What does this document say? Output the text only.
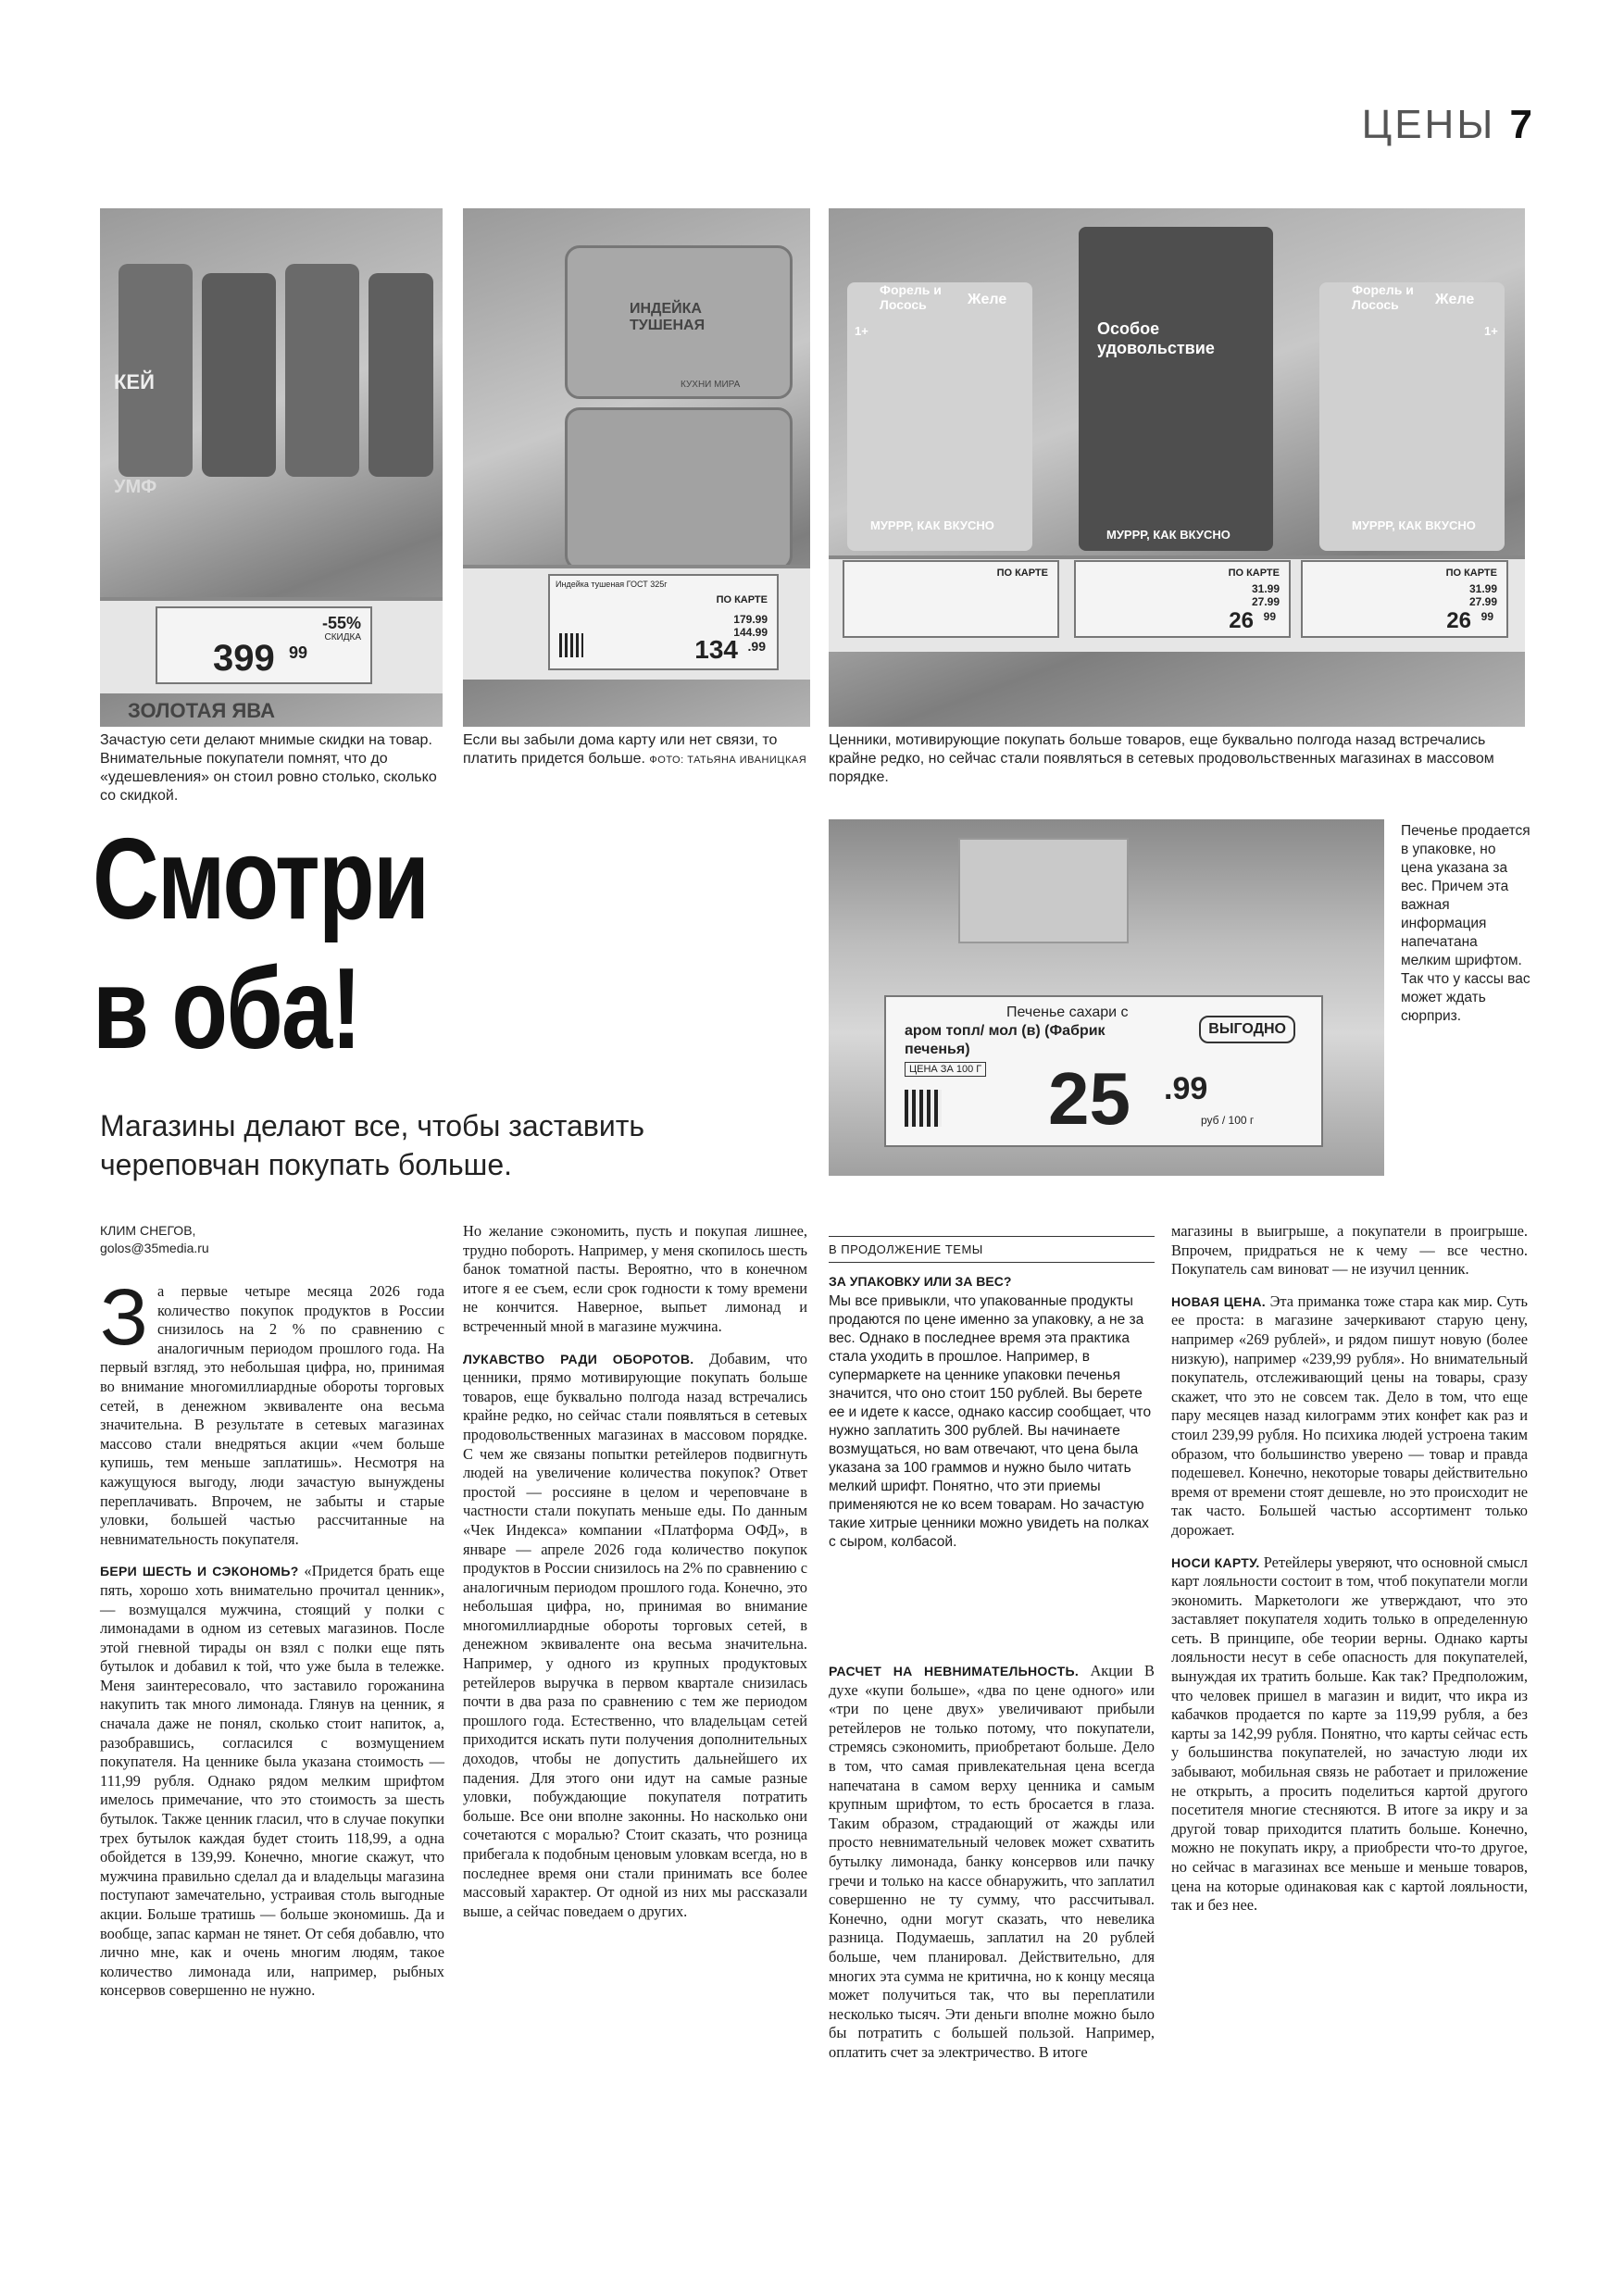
ЦЕНЫ 7
КЕЙ
УМФ
-55%
СКИДКА
399 99
ЗОЛОТАЯ ЯВА
Зачастую сети делают мнимые скидки на товар. Внимательные покупатели помнят, что до «удешевления» он стоил ровно столько, сколько со скидкой.
ИНДЕЙКА ТУШЕНАЯ
КУХНИ МИРА
Индейка тушеная ГОСТ 325г
ПО КАРТЕ
179.99
144.99
134 .99
Если вы забыли дома карту или нет связи, то платить придется больше. ФОТО: ТАТЬЯНА ИВАНИЦКАЯ
Форель и Лосось	Желе
1+
МУРРР, КАК ВКУСНО
Особое удовольствие
МУРРР, КАК ВКУСНО
Форель и Лосось	Желе
1+
МУРРР, КАК ВКУСНО
ПО КАРТЕ
31.99
27.99
26 99
ПО КАРТЕ
31.99
27.99
26 99
ПО КАРТЕ
Ценники, мотивирующие покупать больше товаров, еще буквально полгода назад встречались крайне редко, но сейчас стали появляться в сетевых продовольственных магазинах в массовом порядке.
Смотри
в оба!
Магазины делают все, чтобы заставить
череповчан покупать больше.
Печенье сахари с
аром топл/ мол (в) (Фабрик
печенья)
ЦЕНА ЗА 100 Г
ВЫГОДНО
25 .99
руб / 100 г
Печенье продается в упаковке, но цена указана за вес. Причем эта важная информация напечатана мелким шрифтом. Так что у кассы вас может ждать сюрприз.
КЛИМ СНЕГОВ,
golos@35media.ru

За первые четыре месяца 2026 года количество покупок продуктов в России снизилось на 2 % по сравнению с аналогичным периодом прошлого года. На первый взгляд, это небольшая цифра, но, принимая во внимание многомиллиардные обороты торговых сетей, в денежном эквиваленте она весьма значительна. В результате в сетевых магазинах массово стали внедряться акции «чем больше купишь, тем меньше заплатишь». Несмотря на кажущуюся выгоду, люди зачастую вынуждены переплачивать. Впрочем, не забыты и старые уловки, большей частью рассчитанные на невнимательность покупателя.

БЕРИ ШЕСТЬ И СЭКОНОМЬ? «Придется брать еще пять, хорошо хоть внимательно прочитал ценник», — возмущался мужчина, стоящий у полки с лимонадами в одном из сетевых магазинов. После этой гневной тирады он взял с полки еще пять бутылок и добавил к той, что уже была в тележке. Меня заинтересовало, что заставило горожанина накупить так много лимонада. Глянув на ценник, я сначала даже не понял, сколько стоит напиток, а, разобравшись, согласился с возмущением покупателя. На ценнике была указана стоимость — 111,99 рубля. Однако рядом мелким шрифтом имелось примечание, что это стоимость за шесть бутылок. Также ценник гласил, что в случае покупки трех бутылок каждая будет стоить 118,99, а одна обойдется в 139,99. Конечно, многие скажут, что мужчина правильно сделал да и владельцы магазина поступают замечательно, устраивая столь выгодные акции. Больше тратишь — больше экономишь. Да и вообще, запас карман не тянет. От себя добавлю, что лично мне, как и очень многим людям, такое количество лимонада или, например, рыбных консервов совершенно не нужно.

Но желание сэкономить, пусть и покупая лишнее, трудно побороть. Например, у меня скопилось шесть банок томатной пасты. Вероятно, что в конечном итоге я ее съем, если срок годности к тому времени не кончится. Наверное, выпьет лимонад и встреченный мной в магазине мужчина.

ЛУКАВСТВО РАДИ ОБОРОТОВ. Добавим, что ценники, прямо мотивирующие покупать больше товаров, еще буквально полгода назад встречались крайне редко, но сейчас стали появляться в сетевых продовольственных магазинах в массовом порядке. С чем же связаны попытки ретейлеров подвигнуть людей на увеличение количества покупок? Ответ простой — россияне в целом и череповчане в частности стали покупать меньше еды. По данным «Чек Индекса» компании «Платформа ОФД», в январе — апреле 2026 года количество покупок продуктов в России снизилось на 2% по сравнению с аналогичным периодом прошлого года. Конечно, это небольшая цифра, но, принимая во внимание многомиллиардные обороты торговых сетей, в денежном эквиваленте она весьма значительна. Например, у одного из крупных продуктовых ретейлеров выручка в первом квартале снизилась почти в два раза по сравнению с тем же периодом прошлого года. Естественно, что владельцам сетей приходится искать пути получения дополнительных доходов, чтобы не допустить дальнейшего их падения. Для этого они идут на самые разные уловки, побуждающие покупателя потратить больше. Все они вполне законны. Но насколько они сочетаются с моралью? Стоит сказать, что розница прибегала к подобным ценовым уловкам всегда, но в последнее время они стали принимать все более массовый характер. От одной из них мы рассказали выше, а сейчас поведаем о других.

В ПРОДОЛЖЕНИЕ ТЕМЫ
ЗА УПАКОВКУ ИЛИ ЗА ВЕС?
Мы все привыкли, что упакованные продукты продаются по цене именно за упаковку, а не за вес. Однако в последнее время эта практика стала уходить в прошлое. Например, в супермаркете на ценнике упаковки печенья значится, что оно стоит 150 рублей. Вы берете ее и идете к кассе, однако кассир сообщает, что нужно заплатить 300 рублей. Вы начинаете возмущаться, но вам отвечают, что цена была указана за 100 граммов и нужно было читать мелкий шрифт. Понятно, что эти приемы применяются не ко всем товарам. Но зачастую такие хитрые ценники можно увидеть на полках с сыром, колбасой.

РАСЧЕТ НА НЕВНИМАТЕЛЬНОСТЬ. Акции В духе «купи больше», «два по цене одного» или «три по цене двух» увеличивают прибыли ретейлеров не только потому, что покупатели, стремясь сэкономить, приобретают больше. Дело в том, что самая привлекательная цена всегда напечатана в самом верху ценника и самым крупным шрифтом, то есть бросается в глаза. Таким образом, страдающий от жажды или просто невнимательный человек может схватить бутылку лимонада, банку консервов или пачку гречи и только на кассе обнаружить, что заплатил совершенно не ту сумму, что рассчитывал. Конечно, одни могут сказать, что невелика разница. Подумаешь, заплатил на 20 рублей больше, чем планировал. Действительно, для многих эта сумма не критична, но к концу месяца может получиться так, что вы переплатили несколько тысяч. Эти деньги вполне можно было бы потратить с большей пользой. Например, оплатить счет за электричество. В итоге

магазины в выигрыше, а покупатели в проигрыше. Впрочем, придраться не к чему — все честно. Покупатель сам виноват — не изучил ценник.

НОВАЯ ЦЕНА. Эта приманка тоже стара как мир. Суть ее проста: в магазине зачеркивают старую цену, например «269 рублей», и рядом пишут новую (более низкую), например «239,99 рубля». Но внимательный покупатель, отслеживающий цены на товары, сразу скажет, что это не совсем так. Дело в том, что еще пару месяцев назад килограмм этих конфет как раз и стоил 239,99 рубля. Но психика людей устроена таким образом, что большинство уверено — товар и правда подешевел. Конечно, некоторые товары действительно время от времени стоят дешевле, но это происходит не так часто. Большей частью ассортимент только дорожает.

НОСИ КАРТУ. Ретейлеры уверяют, что основной смысл карт лояльности состоит в том, чтоб покупатели могли экономить. Маркетологи же утверждают, что это заставляет покупателя ходить только в определенную сеть. В принципе, обе теории верны. Однако карты лояльности несут в себе опасность для покупателей, вынуждая их тратить больше. Как так? Предположим, что человек пришел в магазин и видит, что икра из кабачков продается по карте за 119,99 рубля, а без карты за 142,99 рубля. Понятно, что карты сейчас есть у большинства покупателей, но зачастую люди их забывают, мобильная связь не работает и приложение не открыть, а просить поделиться картой другого посетителя многие стесняются. В итоге за икру и за другой товар приходится платить больше. Конечно, можно не покупать икру, а приобрести что-то другое, но сейчас в магазинах все меньше и меньше товаров, цена на которые одинаковая как с картой лояльности, так и без нее.
